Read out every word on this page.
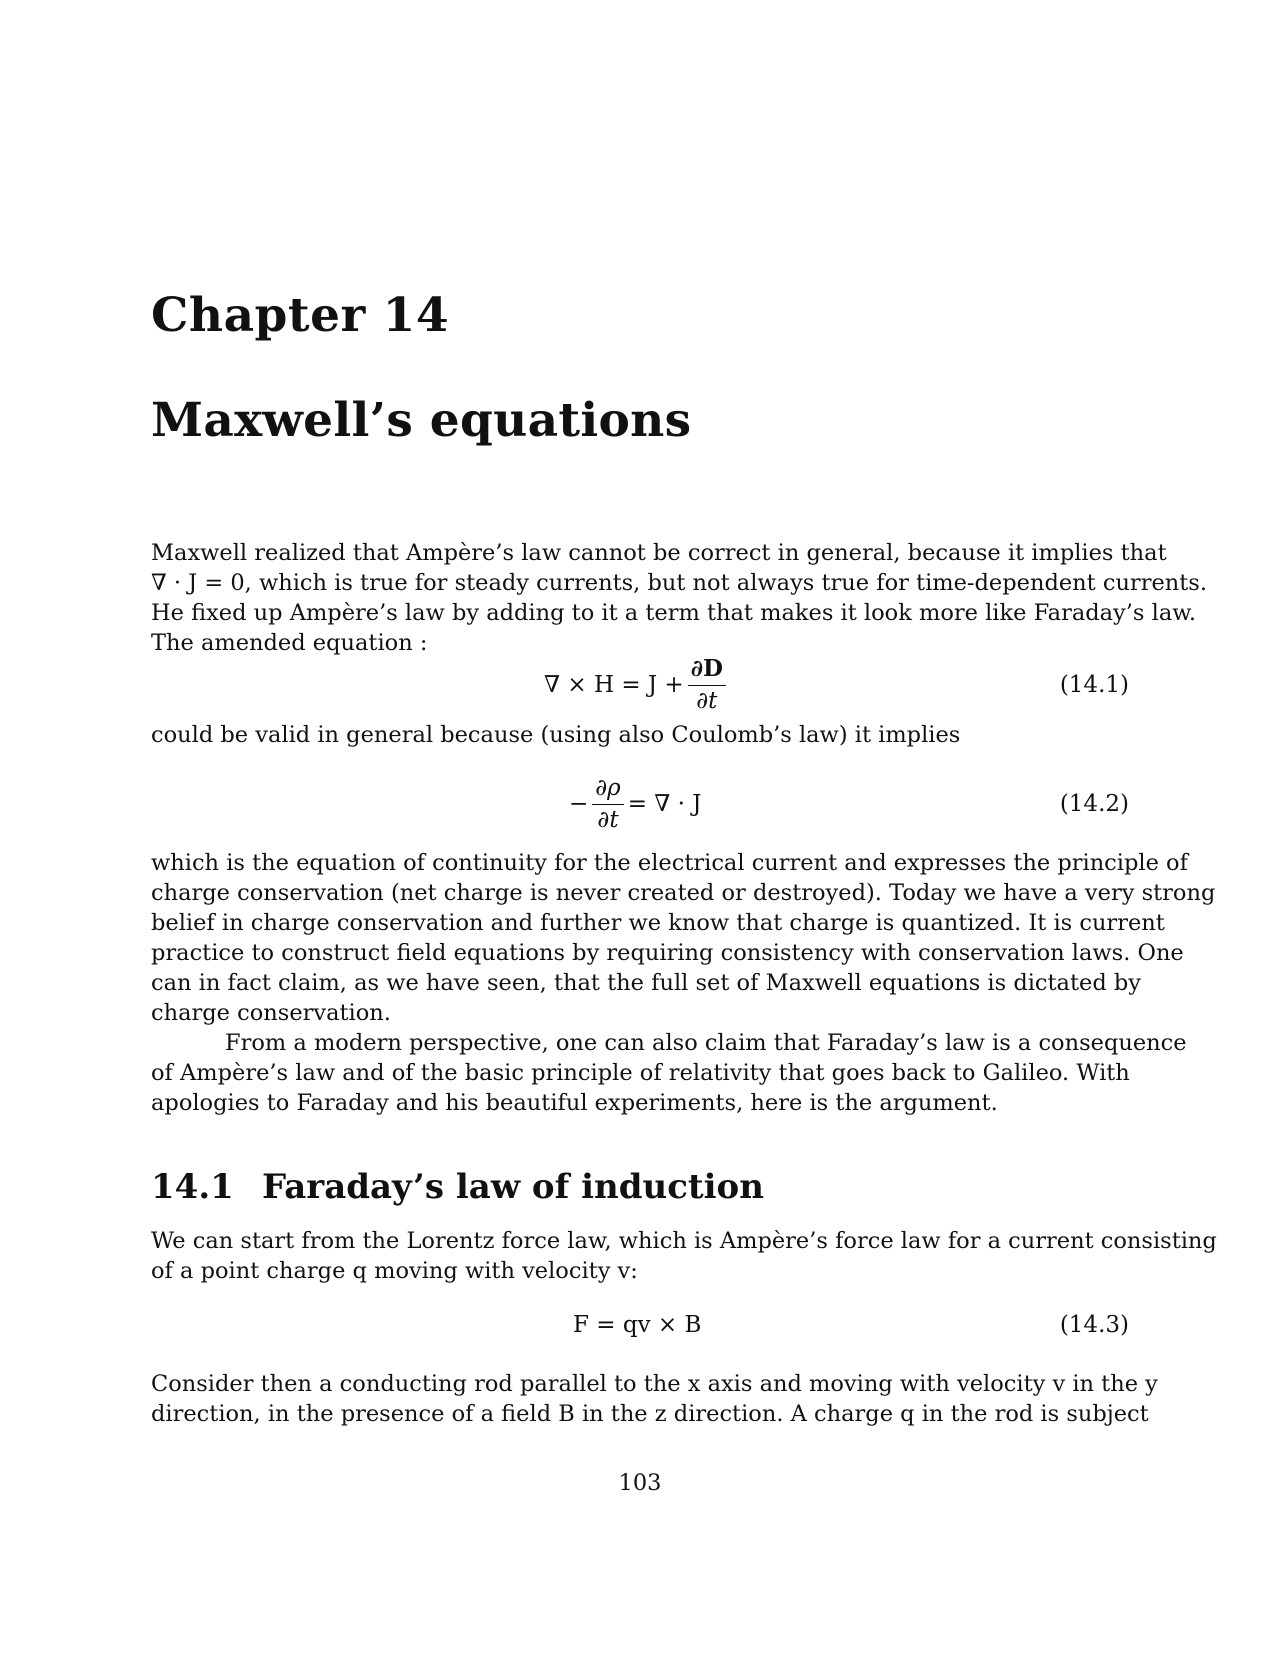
Chapter 14
Maxwell’s equations

Maxwell realized that Ampère’s law cannot be correct in general, because it implies that
∇ · J = 0, which is true for steady currents, but not always true for time-dependent currents.
He fixed up Ampère’s law by adding to it a term that makes it look more like Faraday’s law.
The amended equation :

∇ × $H = J + \frac{\partial D}{\partial t}$	(14.1)

could be valid in general because (using also Coulomb’s law) it implies

− $\frac{\partial\rho}{\partial t}$ = ∇ · J	(14.2)

which is the equation of continuity for the electrical current and expresses the principle of
charge conservation (net charge is never created or destroyed). Today we have a very strong
belief in charge conservation and further we know that charge is quantized. It is current
practice to construct field equations by requiring consistency with conservation laws. One
can in fact claim, as we have seen, that the full set of Maxwell equations is dictated by
charge conservation.

From a modern perspective, one can also claim that Faraday’s law is a consequence
of Ampère’s law and of the basic principle of relativity that goes back to Galileo. With
apologies to Faraday and his beautiful experiments, here is the argument.

14.1 Faraday’s law of induction

We can start from the Lorentz force law, which is Ampère’s force law for a current consisting
of a point charge q moving with velocity v:

F = qv × B	(14.3)

Consider then a conducting rod parallel to the x axis and moving with velocity v in the y
direction, in the presence of a field B in the z direction. A charge q in the rod is subject

103
